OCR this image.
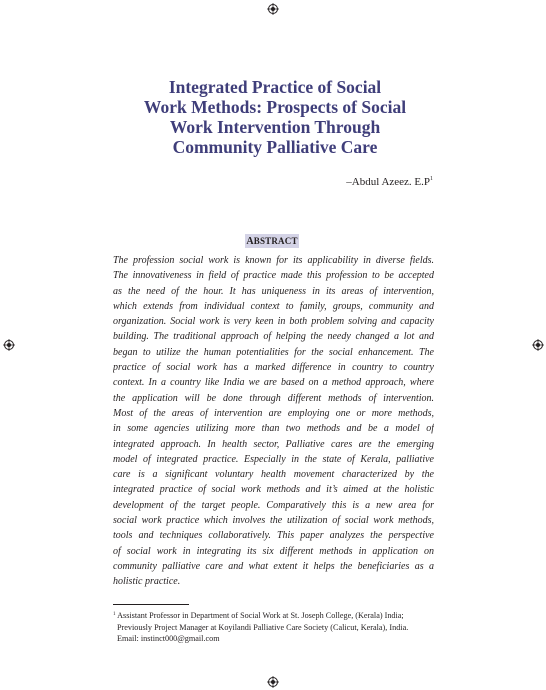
Integrated Practice of Social
Work Methods: Prospects of Social
Work Intervention Through
Community Palliative Care
–Abdul Azeez. $E.P^1$
ABSTRACT
The profession social work is known for its applicability in diverse fields.
The innovativeness in field of practice made this profession to be accepted
as the need of the hour. It has uniqueness in its areas of intervention,
which extends from individual context to family, groups, community and
organization. Social work is very keen in both problem solving and capacity
building. The traditional approach of helping the needy changed a lot and
began to utilize the human potentialities for the social enhancement. The
practice of social work has a marked difference in country to country
context. In a country like India we are based on a method approach, where
the application will be done through different methods of intervention.
Most of the areas of intervention are employing one or more methods,
in some agencies utilizing more than two methods and be a model of
integrated approach. In health sector, Palliative cares are the emerging
model of integrated practice. Especially in the state of Kerala, palliative
care is a significant voluntary health movement characterized by the
integrated practice of social work methods and it’s aimed at the holistic
development of the target people. Comparatively this is a new area for
social work practice which involves the utilization of social work methods,
tools and techniques collaboratively. This paper analyzes the perspective
of social work in integrating its six different methods in application on
community palliative care and what extent it helps the beneficiaries as a
holistic practice.
$^1$ Assistant Professor in Department of Social Work at St. Joseph College, (Kerala) India;
Previously Project Manager at Koyilandi Palliative Care Society (Calicut, Kerala), India.
Email: instinct000@gmail.com
